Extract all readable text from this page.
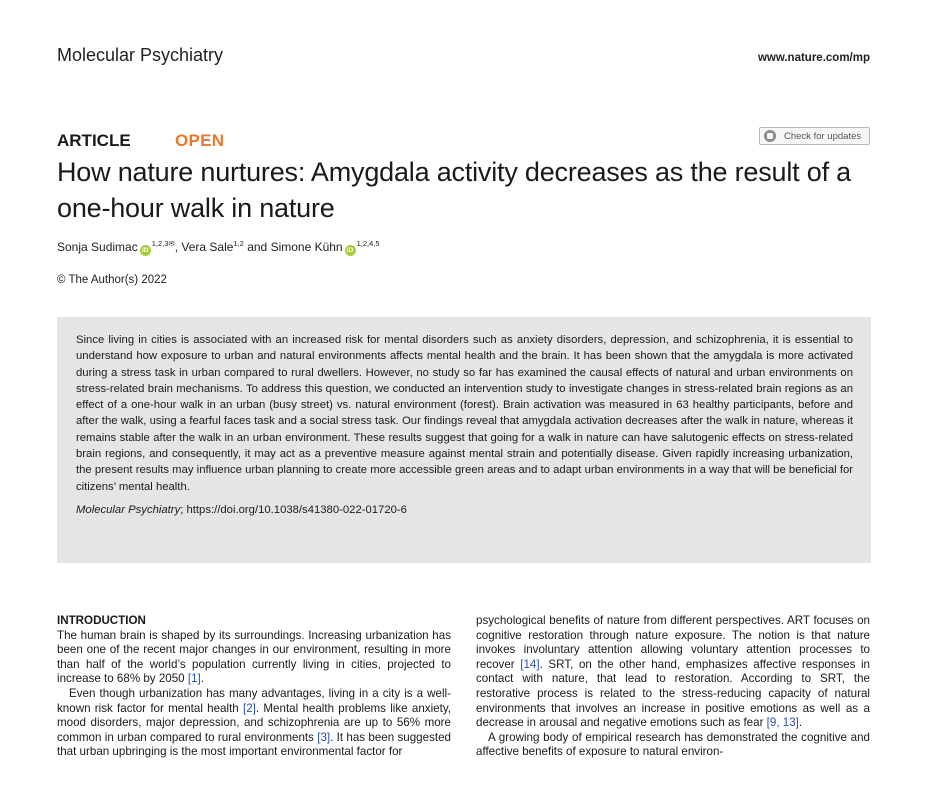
Molecular Psychiatry	www.nature.com/mp
ARTICLE	OPEN	Check for updates
How nature nurtures: Amygdala activity decreases as the result of a one-hour walk in nature
Sonja Sudimac $iD^{1,2,3✉}$, Vera Sale$^{1,2}$ and Simone Kühn iD$^{1,2,4,5}$
© The Author(s) 2022

Since living in cities is associated with an increased risk for mental disorders such as anxiety disorders, depression, and schizophrenia, it is essential to understand how exposure to urban and natural environments affects mental health and the brain. It has been shown that the amygdala is more activated during a stress task in urban compared to rural dwellers. However, no study so far has examined the causal effects of natural and urban environments on stress-related brain mechanisms. To address this question, we conducted an intervention study to investigate changes in stress-related brain regions as an effect of a one-hour walk in an urban (busy street) vs. natural environment (forest). Brain activation was measured in 63 healthy participants, before and after the walk, using a fearful faces task and a social stress task. Our findings reveal that amygdala activation decreases after the walk in nature, whereas it remains stable after the walk in an urban environment. These results suggest that going for a walk in nature can have salutogenic effects on stress-related brain regions, and consequently, it may act as a preventive measure against mental strain and potentially disease. Given rapidly increasing urbanization, the present results may influence urban planning to create more accessible green areas and to adapt urban environments in a way that will be beneficial for citizens’ mental health.

Molecular Psychiatry; https://doi.org/10.1038/s41380-022-01720-6

INTRODUCTION

The human brain is shaped by its surroundings. Increasing urbanization has been one of the recent major changes in our environment, resulting in more than half of the world’s population currently living in cities, projected to increase to 68% by 2050 [1].

Even though urbanization has many advantages, living in a city is a well-known risk factor for mental health [2]. Mental health problems like anxiety, mood disorders, major depression, and schizophrenia are up to 56% more common in urban compared to rural environments [3]. It has been suggested that urban upbringing is the most important environmental factor for

psychological benefits of nature from different perspectives. ART focuses on cognitive restoration through nature exposure. The notion is that nature invokes involuntary attention allowing voluntary attention processes to recover [14]. SRT, on the other hand, emphasizes affective responses in contact with nature, that lead to restoration. According to SRT, the restorative process is related to the stress-reducing capacity of natural environments that involves an increase in positive emotions as well as a decrease in arousal and negative emotions such as fear [9, 13].

A growing body of empirical research has demonstrated the cognitive and affective benefits of exposure to natural environ-
